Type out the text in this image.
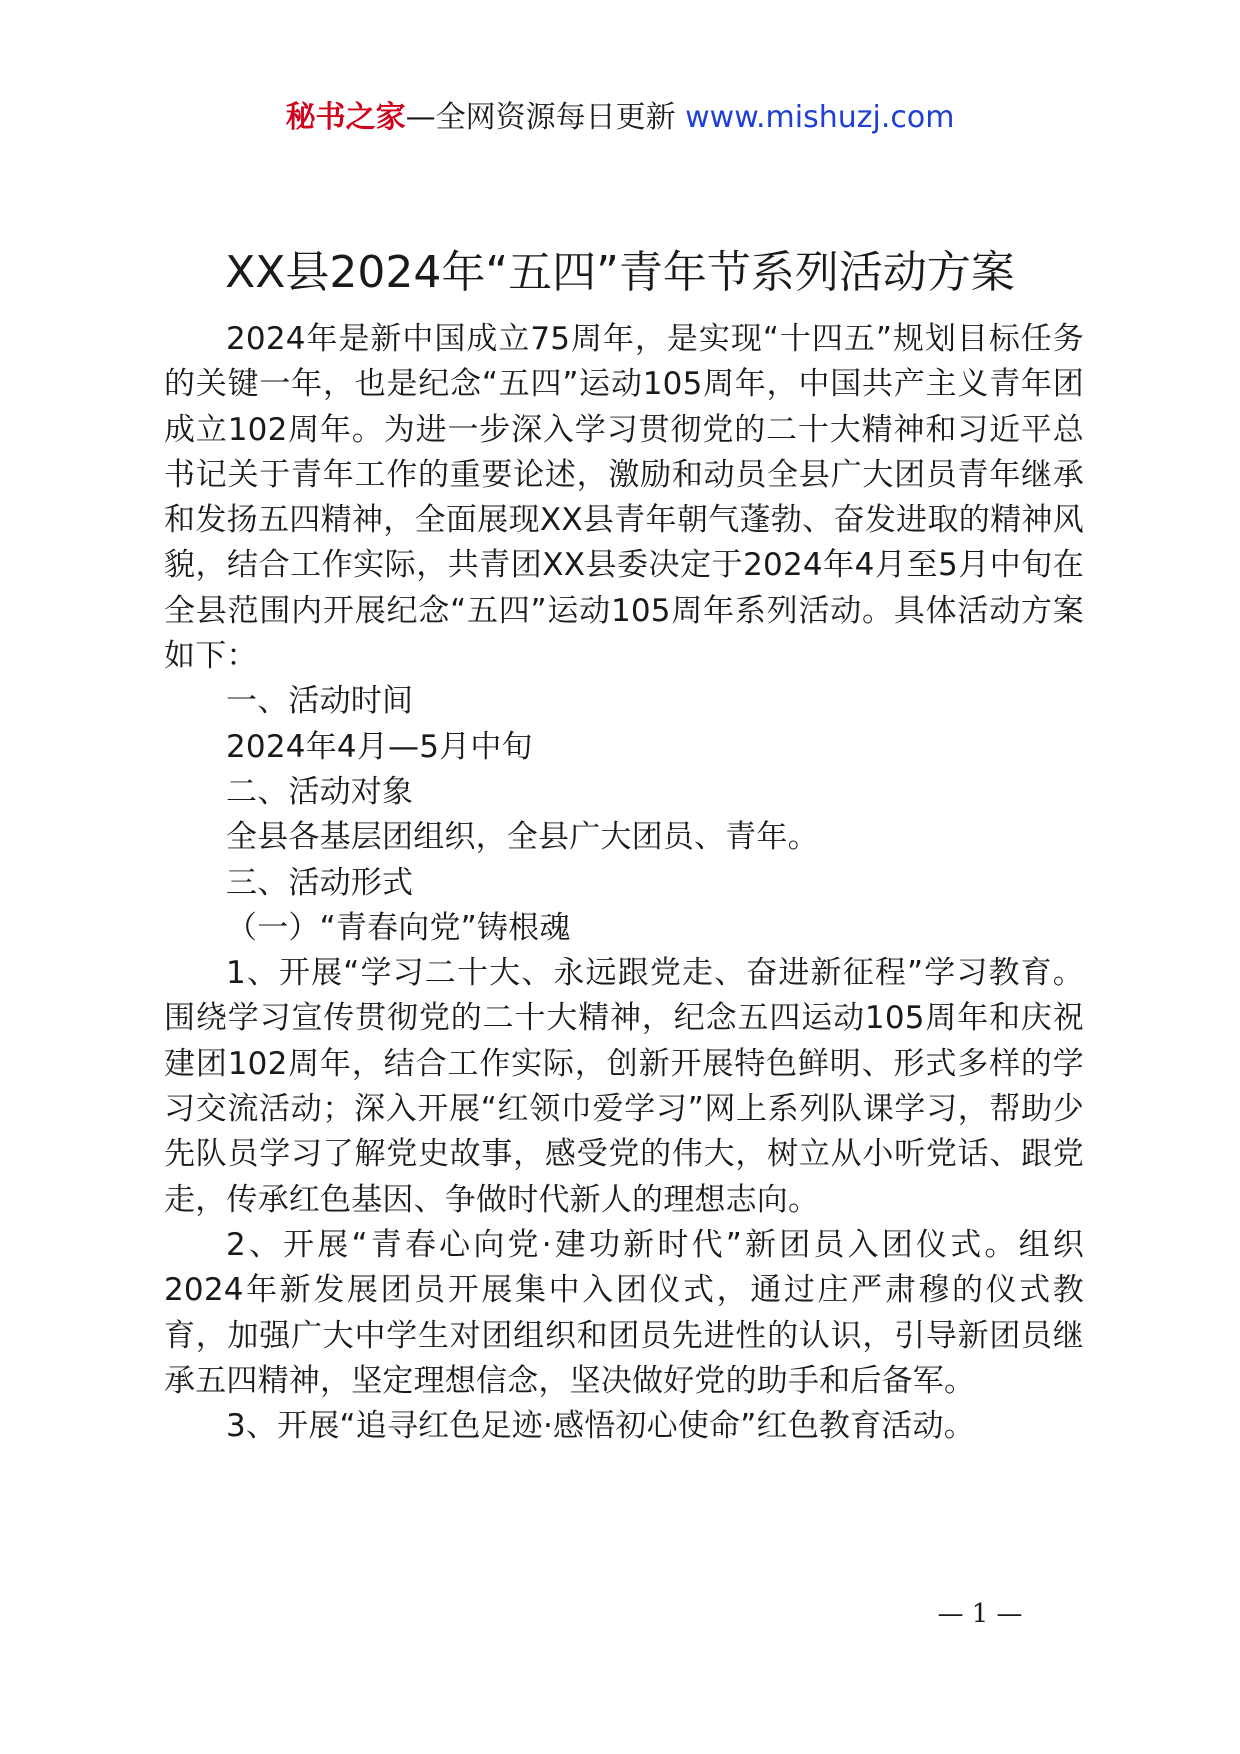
秘书之家—全网资源每日更新 www.mishuzj.com
XX县2024年“五四”青年节系列活动方案

2024年是新中国成立75周年，是实现“十四五”规划目标任务的关键一年，也是纪念“五四”运动105周年，中国共产主义青年团成立102周年。为进一步深入学习贯彻党的二十大精神和习近平总书记关于青年工作的重要论述，激励和动员全县广大团员青年继承和发扬五四精神，全面展现XX县青年朝气蓬勃、奋发进取的精神风貌，结合工作实际，共青团XX县委决定于2024年4月至5月中旬在全县范围内开展纪念“五四”运动105周年系列活动。具体活动方案如下：

一、活动时间

2024年4月—5月中旬

二、活动对象

全县各基层团组织，全县广大团员、青年。

三、活动形式

（一）“青春向党”铸根魂

1、开展“学习二十大、永远跟党走、奋进新征程”学习教育。围绕学习宣传贯彻党的二十大精神，纪念五四运动105周年和庆祝建团102周年，结合工作实际，创新开展特色鲜明、形式多样的学习交流活动；深入开展“红领巾爱学习”网上系列队课学习，帮助少先队员学习了解党史故事，感受党的伟大，树立从小听党话、跟党走，传承红色基因、争做时代新人的理想志向。

2、开展“青春心向党·建功新时代”新团员入团仪式。组织2024年新发展团员开展集中入团仪式，通过庄严肃穆的仪式教育，加强广大中学生对团组织和团员先进性的认识，引导新团员继承五四精神，坚定理想信念，坚决做好党的助手和后备军。

3、开展“追寻红色足迹·感悟初心使命”红色教育活动。

— 1 —
